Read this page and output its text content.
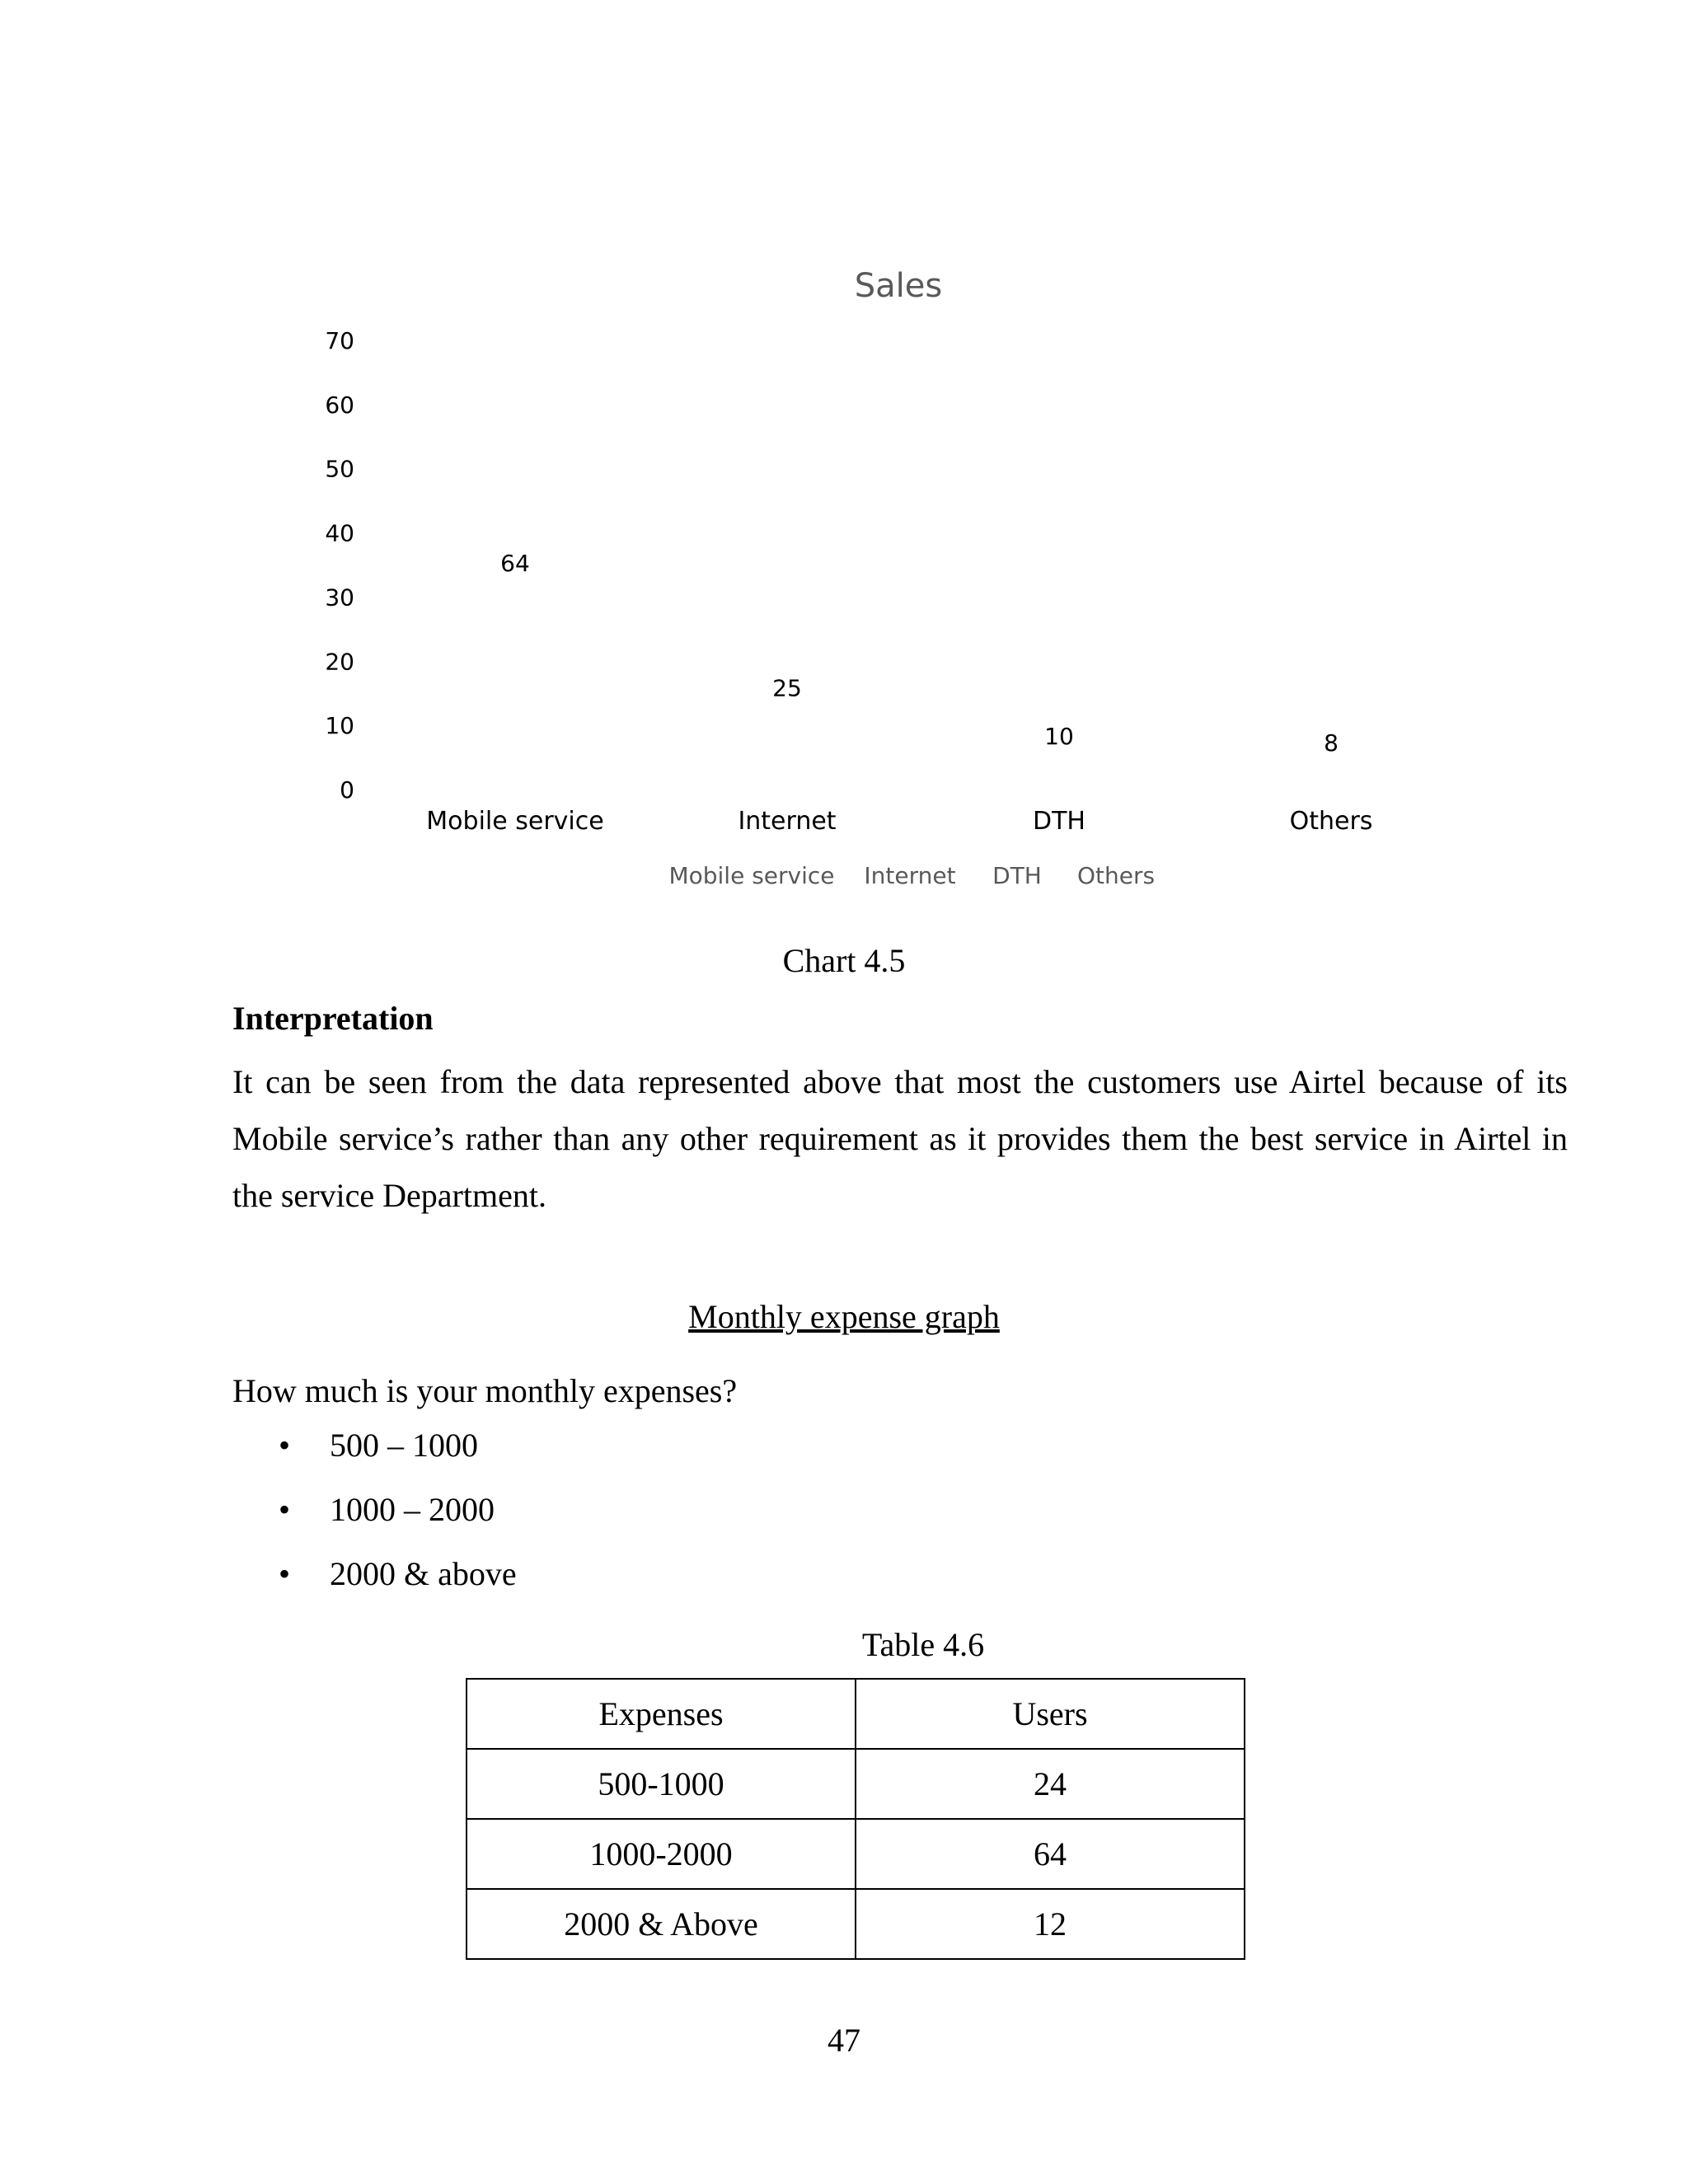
Sales
0
10
20
30
40
50
60
70
64
25
10	8
Mobile service	Internet	DTH	Others
Mobile service Internet DTH Others
Chart 4.5
Interpretation
It can be seen from the data represented above that most the customers use Airtel because of its Mobile service’s rather than any other requirement as it provides them the best service in Airtel in the service Department.
Monthly expense graph
How much is your monthly expenses?
• 500 – 1000
• 1000 – 2000
• 2000 & above
Table 4.6
Expenses	Users
500-1000	24
1000-2000	64
2000 & Above	12
47
